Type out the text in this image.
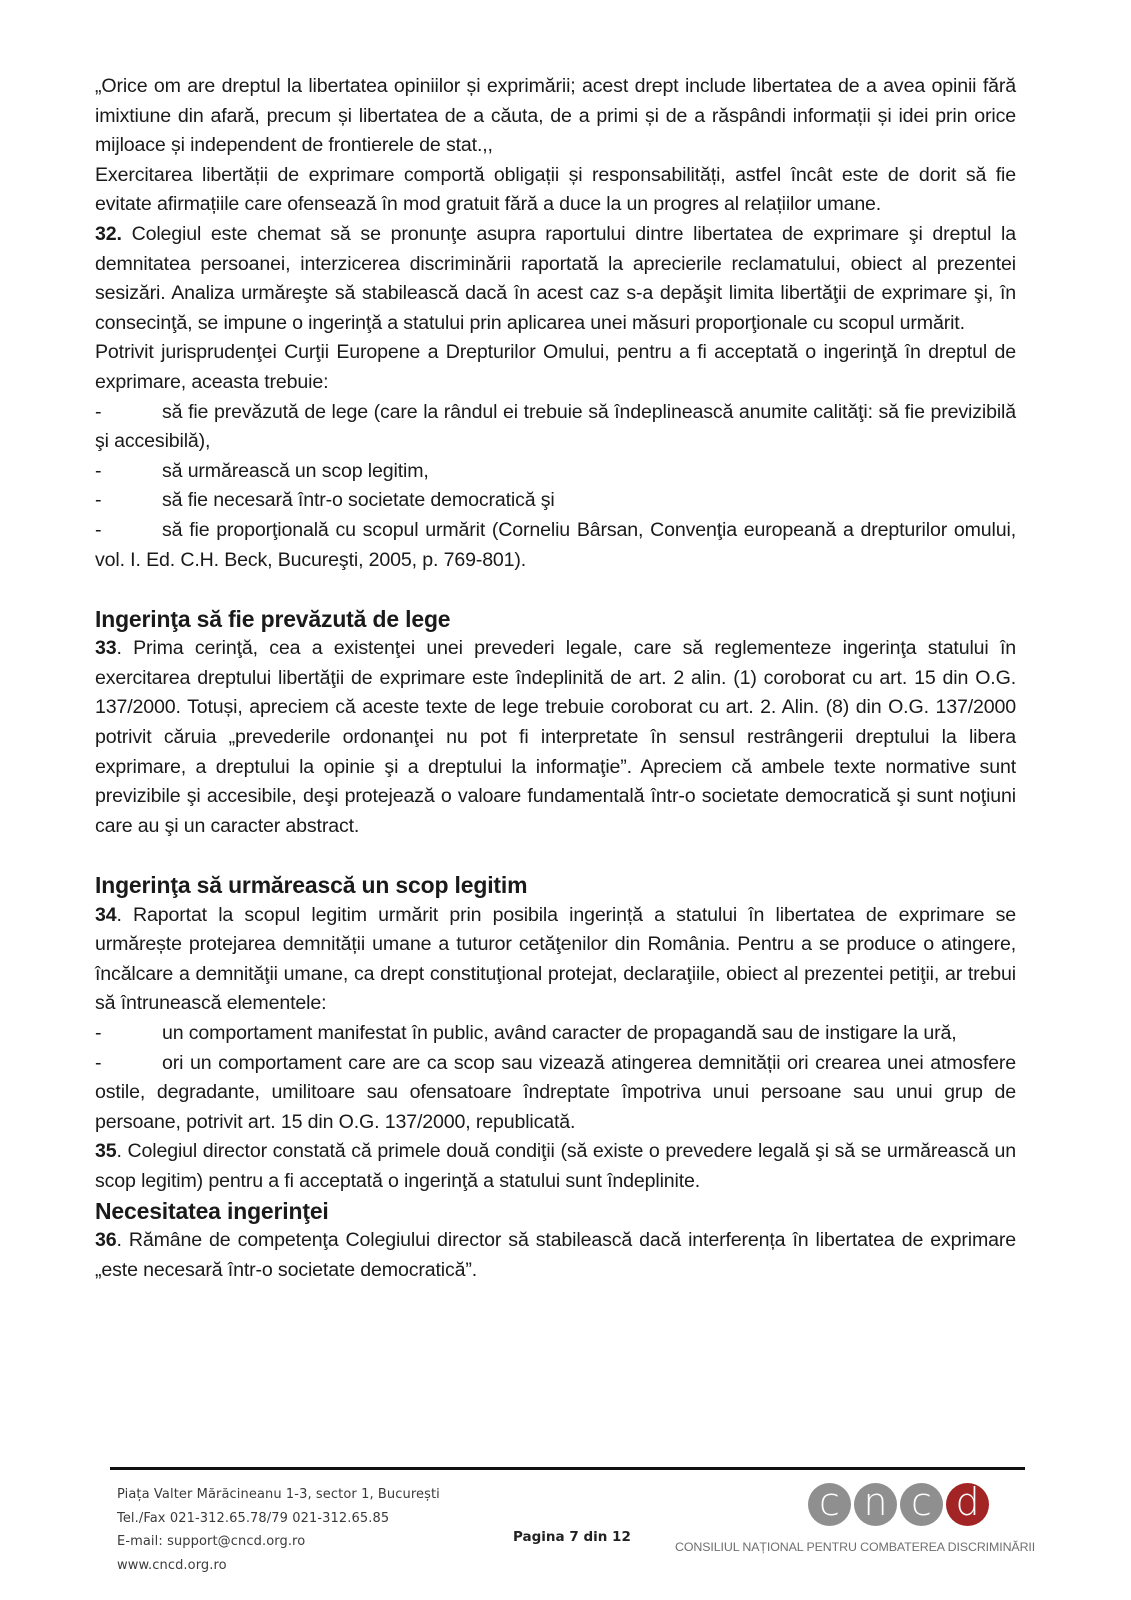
„Orice om are dreptul la libertatea opiniilor și exprimării; acest drept include libertatea de a avea opinii fără imixtiune din afară, precum și libertatea de a căuta, de a primi și de a răspândi informații și idei prin orice mijloace și independent de frontierele de stat.,,

Exercitarea libertății de exprimare comportă obligații și responsabilități, astfel încât este de dorit să fie evitate afirmațiile care ofensează în mod gratuit fără a duce la un progres al relațiilor umane.

32. Colegiul este chemat să se pronunţe asupra raportului dintre libertatea de exprimare şi dreptul la demnitatea persoanei, interzicerea discriminării raportată la aprecierile reclamatului, obiect al prezentei sesizări. Analiza urmăreşte să stabilească dacă în acest caz s-a depăşit limita libertăţii de exprimare şi, în consecinţă, se impune o ingerinţă a statului prin aplicarea unei măsuri proporţionale cu scopul urmărit.

Potrivit jurisprudenţei Curţii Europene a Drepturilor Omului, pentru a fi acceptată o ingerinţă în dreptul de exprimare, aceasta trebuie:

-	să fie prevăzută de lege (care la rândul ei trebuie să îndeplinească anumite calităţi: să fie previzibilă şi accesibilă),

-	să urmărească un scop legitim,

-	să fie necesară într-o societate democratică şi

-	să fie proporţională cu scopul urmărit (Corneliu Bârsan, Convenţia europeană a drepturilor omului, vol. I. Ed. C.H. Beck, Bucureşti, 2005, p. 769-801).

Ingerinţa să fie prevăzută de lege

33. Prima cerinţă, cea a existenţei unei prevederi legale, care să reglementeze ingerinţa statului în exercitarea dreptului libertăţii de exprimare este îndeplinită de art. 2 alin. (1) coroborat cu art. 15 din O.G. 137/2000. Totuși, apreciem că aceste texte de lege trebuie coroborat cu art. 2. Alin. (8) din O.G. 137/2000 potrivit căruia „prevederile ordonanţei nu pot fi interpretate în sensul restrângerii dreptului la libera exprimare, a dreptului la opinie şi a dreptului la informaţie”. Apreciem că ambele texte normative sunt previzibile şi accesibile, deşi protejează o valoare fundamentală într-o societate democratică şi sunt noţiuni care au şi un caracter abstract.

Ingerinţa să urmărească un scop legitim

34. Raportat la scopul legitim urmărit prin posibila ingerință a statului în libertatea de exprimare se urmărește protejarea demnității umane a tuturor cetăţenilor din România. Pentru a se produce o atingere, încălcare a demnităţii umane, ca drept constituţional protejat, declaraţiile, obiect al prezentei petiţii, ar trebui să întrunească elementele:

-	un comportament manifestat în public, având caracter de propagandă sau de instigare la ură,

-	ori un comportament care are ca scop sau vizează atingerea demnității ori crearea unei atmosfere ostile, degradante, umilitoare sau ofensatoare îndreptate împotriva unui persoane sau unui grup de persoane, potrivit art. 15 din O.G. 137/2000, republicată.

35. Colegiul director constată că primele două condiţii (să existe o prevedere legală şi să se urmărească un scop legitim) pentru a fi acceptată o ingerinţă a statului sunt îndeplinite.

Necesitatea ingerinţei

36. Rămâne de competenţa Colegiului director să stabilească dacă interferența în libertatea de exprimare „este necesară într-o societate democratică”.

Piața Valter Mărăcineanu 1-3, sector 1, București
Tel./Fax 021-312.65.78/79 021-312.65.85
E-mail: support@cncd.org.ro
www.cncd.org.ro
Pagina 7 din 12
c n c d
CONSILIUL NAȚIONAL PENTRU COMBATEREA DISCRIMINĂRII
